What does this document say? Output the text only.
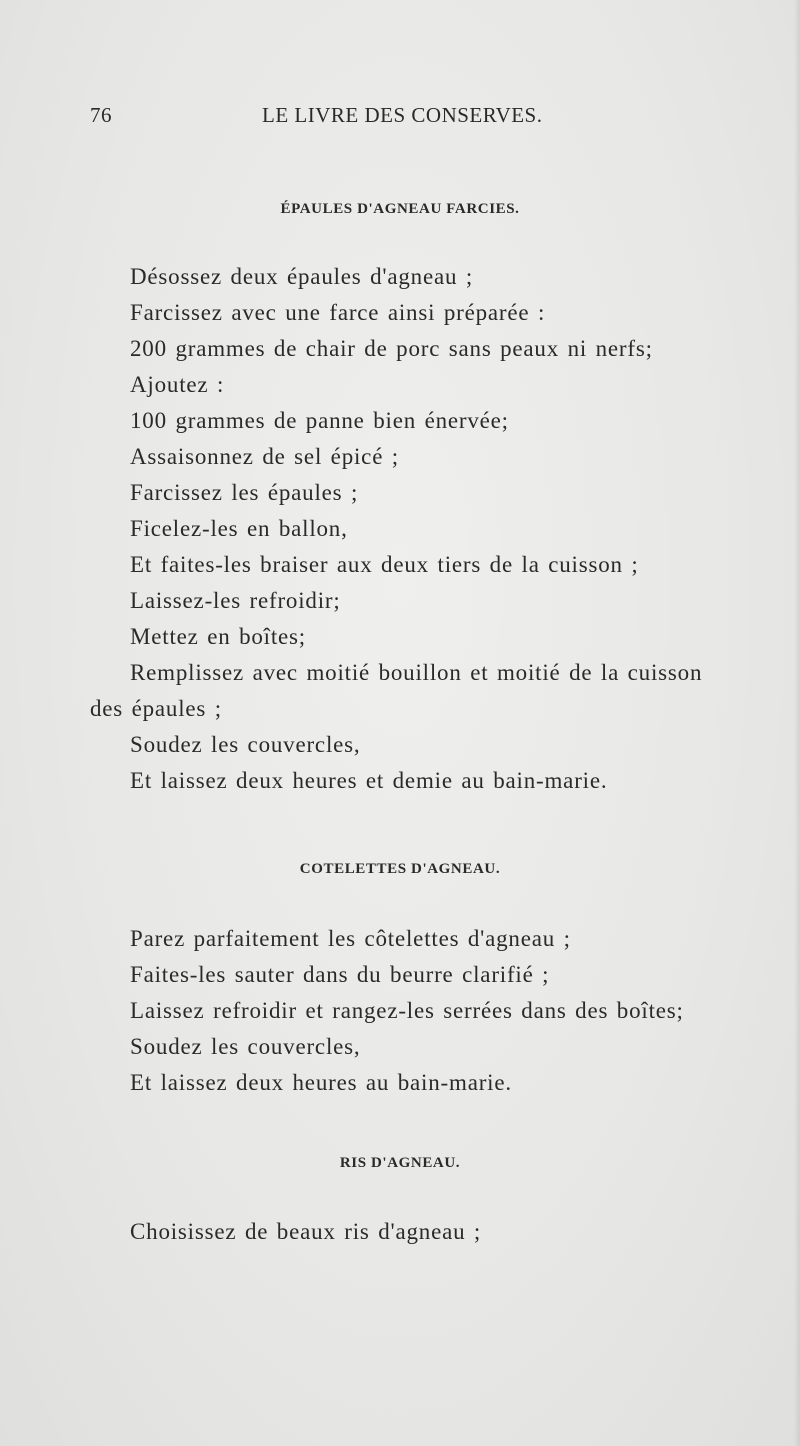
76	LE LIVRE DES CONSERVES.
ÉPAULES D'AGNEAU FARCIES.
Désossez deux épaules d'agneau ;
Farcissez avec une farce ainsi préparée :
200 grammes de chair de porc sans peaux ni nerfs;
Ajoutez :
100 grammes de panne bien énervée;
Assaisonnez de sel épicé ;
Farcissez les épaules ;
Ficelez-les en ballon,
Et faites-les braiser aux deux tiers de la cuisson ;
Laissez-les refroidir;
Mettez en boîtes;
Remplissez avec moitié bouillon et moitié de la cuisson
des épaules ;
Soudez les couvercles,
Et laissez deux heures et demie au bain-marie.
COTELETTES D'AGNEAU.
Parez parfaitement les côtelettes d'agneau ;
Faites-les sauter dans du beurre clarifié ;
Laissez refroidir et rangez-les serrées dans des boîtes;
Soudez les couvercles,
Et laissez deux heures au bain-marie.
RIS D'AGNEAU.
Choisissez de beaux ris d'agneau ;
